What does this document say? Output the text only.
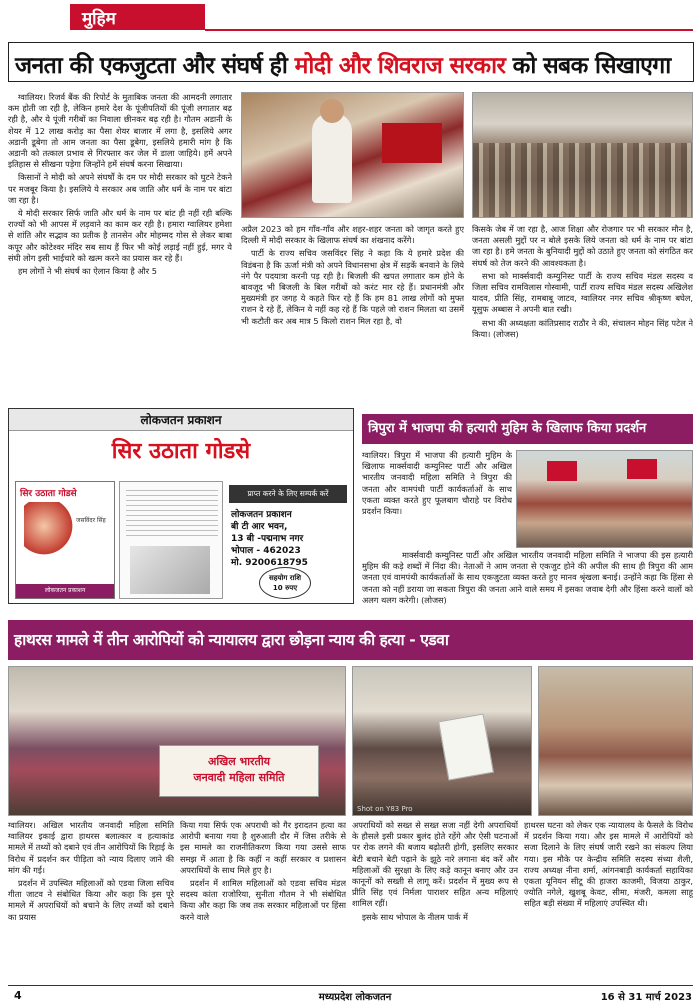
मुहिम
जनता की एकजुटता और संघर्ष ही मोदी और शिवराज सरकार को सबक सिखाएगा

ग्वालियर। रिजर्व बैंक की रिपोर्ट के मुताबिक जनता की आमदनी लगातार कम होती जा रही है, लेकिन हमारे देश के पूंजीपतियों की पूंजी लगातार बढ़ रही है, और ये पूंजी गरीबों का निवाला छीनकर बढ़ रही है। गौतम अडानी के शेयर में 12 लाख करोड़ का पैसा शेयर बाजार में लगा है, इसलिये अगर अडानी डूबेगा तो आम जनता का पैसा डूबेगा, इसलिये हमारी मांग है कि अडानी को तत्काल प्रभाव से गिरफ्तार कर जेल में डाला जाहिये। हमें अपने इतिहास से सीखना पड़ेगा जिन्होंने हमें संघर्ष करना सिखाया।

किसानों ने मोदी को अपने संघर्षों के दम पर मोदी सरकार को घुटने टेकने पर मजबूर किया है। इसलिये ये सरकार अब जाति और धर्म के नाम पर बांटा जा रहा है।

ये मोदी सरकार सिर्फ जाति और धर्म के नाम पर बांट ही नहीं रही बल्कि राज्यों को भी आपस में लड़वाने का काम कर रही है। हमारा ग्वालियर हमेशा से शांति और सद्भाव का प्रतीक है तानसेन और मोहम्मद गोस से लेकर बाबा कपूर और कोटेश्वर मंदिर सब साथ हैं फिर भी कोई लड़ाई नहीं हुई, मगर ये संघी लोग इसी भाईचारे को खत्म करने का प्रयास कर रहे हैं।

हम लोगों ने भी संघर्ष का ऐलान किया है और 5

अप्रैल 2023 को हम गाँव-गाँव और शहर-शहर जनता को जागृत करते हुए दिल्ली में मोदी सरकार के खिलाफ संघर्ष का शंखनाद करेंगे।

पार्टी के राज्य सचिव जसविंदर सिंह ने कहा कि ये हमारे प्रदेश की विडंबना है कि ऊर्जा मंत्री को अपने विधानसभा क्षेत्र में सड़कें बनवाने के लिये नंगे पैर पदयात्रा करनी पड़ रही है। बिजली की खपत लगातार कम होने के बावजूद भी बिजली के बिल गरीबों को करंट मार रहे हैं। प्रधानमंत्री और मुख्यमंत्री हर जगह ये कहते फिर रहे हैं कि हम 81 लाख लोगों को मुफ्त राशन दे रहे हैं, लेकिन ये नहीं कह रहे हैं कि पहले जो राशन मिलता था उसमें भी कटौती कर अब मात्र 5 किलो राशन मिल रहा है, वो

किसके जेब में जा रहा है, आज शिक्षा और रोजगार पर भी सरकार मौन है, जनता असली मुद्दों पर न बोले इसके लिये जनता को धर्म के नाम पर बांटा जा रहा है। हमे जनता के बुनियादी मुद्दों को उठाते हुए जनता को संगठित कर संघर्ष को तेज करने की आवश्यकता है।

सभा को मार्क्सवादी कम्युनिस्ट पार्टी के राज्य सचिव मंडल सदस्य व जिला सचिव रामविलास गोस्वामी, पार्टी राज्य सचिव मंडल सदस्य अखिलेश यादव, प्रीति सिंह, रामबाबू जाटव, ग्वालियर नगर सचिव श्रीकृष्ण बघेल, यूसुफ अब्बास ने अपनी बात रखी।

सभा की अध्यक्षता कांतिप्रसाद राठौर ने की, संचालन मोहन सिंह पटेल ने किया। (लोजस)

लोकजतन प्रकाशन
सिर उठाता गोडसे
सिर उठाता गोडसे
जसविंदर सिंह
लोकजतन प्रकाशन
प्राप्त करने के लिए सम्पर्क करें
लोकजतन प्रकाशन
बी टी आर भवन,
13 बी -पद्मनाभ नगर
भोपाल - 462023
मो. 9200618795
सहयोग राशि
10 रुपए
त्रिपुरा में भाजपा की हत्यारी मुहिम के खिलाफ किया प्रदर्शन
ग्वालियर। त्रिपुरा में भाजपा की हत्यारी मुहिम के खिलाफ मार्क्सवादी कम्युनिस्ट पार्टी और अखिल भारतीय जनवादी महिला समिति ने त्रिपुरा की जनता और वामपंथी पार्टी कार्यकर्ताओं के साथ एकता व्यक्त करते हुए फूलबाग चौराहे पर विरोध प्रदर्शन किया।
मार्क्सवादी कम्युनिस्ट पार्टी और अखिल भारतीय जनवादी महिला समिति ने भाजपा की इस हत्यारी मुहिम की कड़े शब्दों में निंदा की। नेताओं ने आम जनता से एकजुट होने की अपील की साथ ही त्रिपुरा की आम जनता एवं वामपंथी कार्यकर्ताओं के साथ एकजुटता व्यक्त करते हुए मानव श्रृंखला बनाई। उन्होंने कहा कि हिंसा से जनता को नहीं डराया जा सकता त्रिपुरा की जनता आने वाले समय में इसका जवाब देगी और हिंसा करने वालों को अलग थलग करेगी। (लोजस)
हाथरस मामले में तीन आरोपियों को न्यायालय द्वारा छोड़ना न्याय की हत्या - एडवा
अखिल भारतीय
जनवादी महिला समिति
Shot on Y83 Pro

ग्वालियर। अखिल भारतीय जनवादी महिला समिति ग्वालियर इकाई द्वारा हाथरस बलात्कार व हत्याकांड मामले में तथ्यों को दबाने एवं तीन आरोपियों कि रिहाई के विरोध में प्रदर्शन कर पीड़िता को न्याय दिलाए जाने की मांग की गई।

प्रदर्शन में उपस्थित महिलाओं को एडवा जिला सचिव गीता जाटव ने संबोधित किया और कहा कि इस पूरे मामले में अपराधियों को बचाने के लिए तथ्यों को दबाने का प्रयास

किया गया सिर्फ एक अपराधी को गैर इरादतन हत्या का आरोपी बनाया गया है शुरुआती दौर में जिस तरीके से इस मामले का राजनीतिकरण किया गया उससे साफ समझ में आता है कि कहीं न कहीं सरकार व प्रशासन अपराधियों के साथ मिले हुए है।

प्रदर्शन में शामिल महिलाओं को एडवा सचिव मंडल सदस्य कांता राजोरिया, सुनीता गौतम ने भी संबोधित किया और कहा कि जब तक सरकार महिलाओं पर हिंसा करने वाले

अपराधियों को सख्त से सख्त सजा नहीं देगी अपराधियों के हौसले इसी प्रकार बुलंद होते रहेंगे और ऐसी घटनाओं पर रोक लगने की बजाय बढ़ोतरी होगी, इसलिए सरकार बेटी बचाने बेटी पढ़ाने के झूठे नारे लगाना बंद करें और महिलाओं की सुरक्षा के लिए कड़े कानून बनाए और उन कानूनों को सख्ती से लागू करें। प्रदर्शन में मुख्य रूप से प्रीति सिंह एवं निर्मला पाराशर सहित अन्य महिलाएं शामिल रहीं।

इसके साथ भोपाल के नीलम पार्क में

हाथरस घटना को लेकर एक न्यायालय के फैसले के विरोध में प्रदर्शन किया गया। और इस मामले में आरोपियों को सजा दिलाने के लिए संघर्ष जारी रखने का संकल्प लिया गया। इस मौके पर केन्द्रीय समिति सदस्य संध्या शैली, राज्य अध्यक्ष नीना शर्मा, आंगनबाड़ी कार्यकर्ता सहायिका एकता यूनियन सीटू की हाजरा काजमी, विजया ठाकुर, ज्योति नगेले, खुशबू केवट, सीमा, मंजरी, कमला साहू सहित बड़ी संख्या में महिलाएं उपस्थित थी।

4	मध्यप्रदेश लोकजतन	16 से 31 मार्च 2023
